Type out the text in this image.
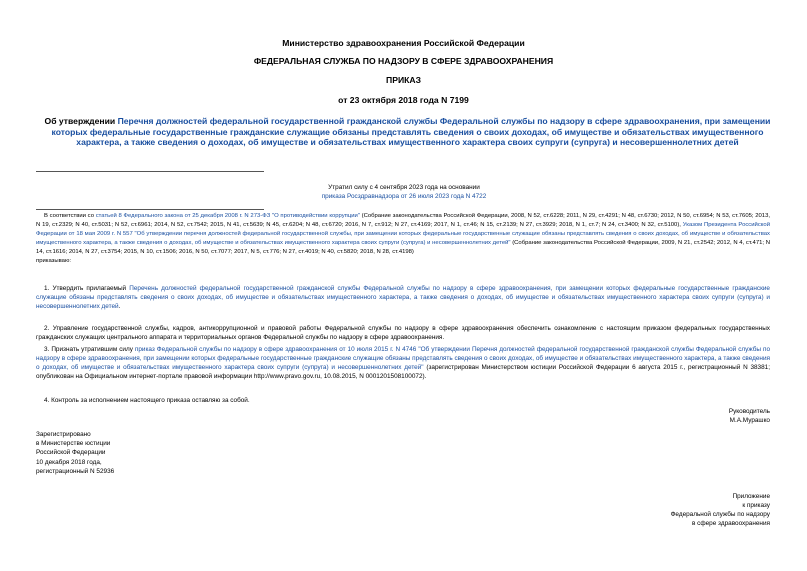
Министерство здравоохранения Российской Федерации
ФЕДЕРАЛЬНАЯ СЛУЖБА ПО НАДЗОРУ В СФЕРЕ ЗДРАВООХРАНЕНИЯ
ПРИКАЗ
от 23 октября 2018 года N 7199
Об утверждении Перечня должностей федеральной государственной гражданской службы Федеральной службы по надзору в сфере здравоохранения, при замещении которых федеральные государственные гражданские служащие обязаны представлять сведения о своих доходах, об имуществе и обязательствах имущественного характера, а также сведения о доходах, об имуществе и обязательствах имущественного характера своих супруги (супруга) и несовершеннолетних детей
Утратил силу с 4 сентября 2023 года на основании
приказа Росздравнадзора от 26 июля 2023 года N 4722

В соответствии со статьей 8 Федерального закона от 25 декабря 2008 г. N 273-ФЗ "О противодействии коррупции" (Собрание законодательства Российской Федерации, 2008, N 52, ст.6228; 2011, N 29, ст.4291; N 48, ст.6730; 2012, N 50, ст.6954; N 53, ст.7605; 2013, N 19, ст.2329; N 40, ст.5031; N 52, ст.6961; 2014, N 52, ст.7542; 2015, N 41, ст.5639; N 45, ст.6204; N 48, ст.6720; 2016, N 7, ст.912; N 27, ст.4169; 2017, N 1, ст.46; N 15, ст.2139; N 27, ст.3929; 2018, N 1, ст.7; N 24, ст.3400; N 32, ст.5100), Указом Президента Российской Федерации от 18 мая 2009 г. N 557 "Об утверждении перечня должностей федеральной государственной службы, при замещении которых федеральные государственные служащие обязаны представлять сведения о своих доходах, об имуществе и обязательствах имущественного характера, а также сведения о доходах, об имуществе и обязательствах имущественного характера своих супруги (супруга) и несовершеннолетних детей" (Собрание законодательства Российской Федерации, 2009, N 21, ст.2542; 2012, N 4, ст.471; N 14, ст.1616; 2014, N 27, ст.3754; 2015, N 10, ст.1506; 2016, N 50, ст.7077; 2017, N 5, ст.776; N 27, ст.4019; N 40, ст.5820; 2018, N 28, ст.4198)

приказываю:

1. Утвердить прилагаемый Перечень должностей федеральной государственной гражданской службы Федеральной службы по надзору в сфере здравоохранения, при замещении которых федеральные государственные гражданские служащие обязаны представлять сведения о своих доходах, об имуществе и обязательствах имущественного характера, а также сведения о доходах, об имуществе и обязательствах имущественного характера своих супруги (супруга) и несовершеннолетних детей.

2. Управление государственной службы, кадров, антикоррупционной и правовой работы Федеральной службы по надзору в сфере здравоохранения обеспечить ознакомление с настоящим приказом федеральных государственных гражданских служащих центрального аппарата и территориальных органов Федеральной службы по надзору в сфере здравоохранения.

3. Признать утратившим силу приказ Федеральной службы по надзору в сфере здравоохранения от 10 июля 2015 г. N 4746 "Об утверждении Перечня должностей федеральной государственной гражданской службы Федеральной службы по надзору в сфере здравоохранения, при замещении которых федеральные государственные гражданские служащие обязаны представлять сведения о своих доходах, об имуществе и обязательствах имущественного характера, а также сведения о доходах, об имуществе и обязательствах имущественного характера своих супруги (супруга) и несовершеннолетних детей" (зарегистрирован Министерством юстиции Российской Федерации 6 августа 2015 г., регистрационный N 38381; опубликован на Официальном интернет-портале правовой информации http://www.pravo.gov.ru, 10.08.2015, N 0001201508100072).

4. Контроль за исполнением настоящего приказа оставляю за собой.

Руководитель
М.А.Мурашко
Зарегистрировано
в Министерстве юстиции
Российской Федерации
10 декабря 2018 года,
регистрационный N 52936
Приложение
к приказу
Федеральной службы по надзору
в сфере здравоохранения
